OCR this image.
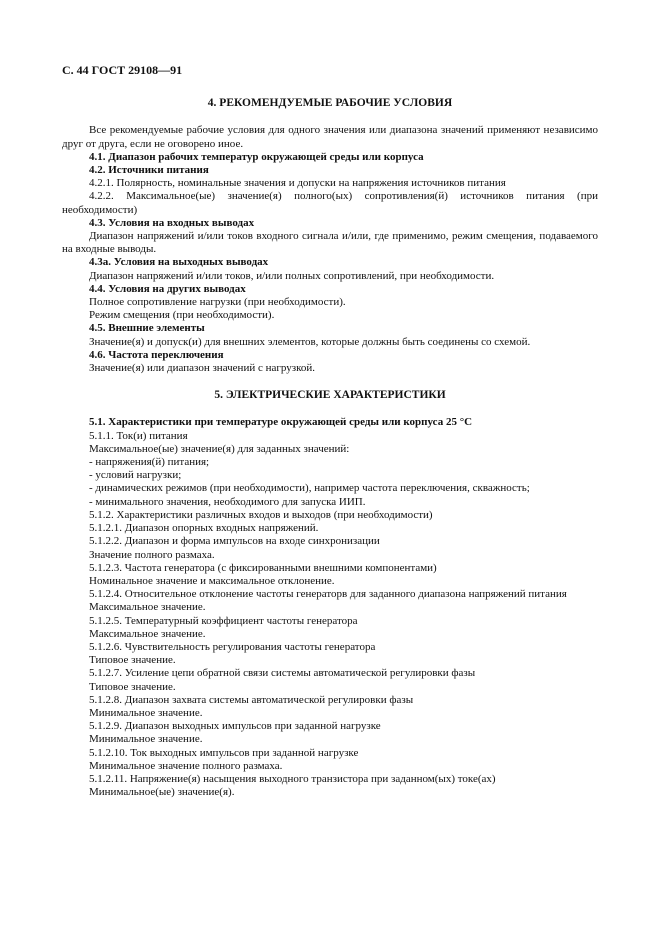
С. 44 ГОСТ 29108—91

4. РЕКОМЕНДУЕМЫЕ РАБОЧИЕ УСЛОВИЯ

Все рекомендуемые рабочие условия для одного значения или диапазона значений применяют независимо друг от друга, если не оговорено иное.

4.1. Диапазон рабочих температур окружающей среды или корпуса

4.2. Источники питания

4.2.1. Полярность, номинальные значения и допуски на напряжения источников питания

4.2.2. Максимальное(ые) значение(я) полного(ых) сопротивления(й) источников питания (при необходимости)

4.3. Условия на входных выводах

Диапазон напряжений и/или токов входного сигнала и/или, где применимо, режим смещения, подаваемого на входные выводы.

4.3а. Условия на выходных выводах

Диапазон напряжений и/или токов, и/или полных сопротивлений, при необходимости.

4.4. Условия на других выводах

Полное сопротивление нагрузки (при необходимости).

Режим смещения (при необходимости).

4.5. Внешние элементы

Значение(я) и допуск(и) для внешних элементов, которые должны быть соединены со схемой.

4.6. Частота переключения

Значение(я) или диапазон значений с нагрузкой.

5. ЭЛЕКТРИЧЕСКИЕ ХАРАКТЕРИСТИКИ

5.1. Характеристики при температуре окружающей среды или корпуса 25 °С

5.1.1. Ток(и) питания

Максимальное(ые) значение(я) для заданных значений:

- напряжения(й) питания;

- условий нагрузки;

- динамических режимов (при необходимости), например частота переключения, скважность;

- минимального значения, необходимого для запуска ИИП.

5.1.2. Характеристики различных входов и выходов (при необходимости)

5.1.2.1. Диапазон опорных входных напряжений.

5.1.2.2. Диапазон и форма импульсов на входе синхронизации

Значение полного размаха.

5.1.2.3. Частота генератора (с фиксированными внешними компонентами)

Номинальное значение и максимальное отклонение.

5.1.2.4. Относительное отклонение частоты генераторв для заданного диапазона напряжений питания

Максимальное значение.

5.1.2.5. Температурный коэффициент частоты генератора

Максимальное значение.

5.1.2.6. Чувствительность регулирования частоты генератора

Типовое значение.

5.1.2.7. Усиление цепи обратной связи системы автоматической регулировки фазы

Типовое значение.

5.1.2.8. Диапазон захвата системы автоматической регулировки фазы

Минимальное значение.

5.1.2.9. Диапазон выходных импульсов при заданной нагрузке

Минимальное значение.

5.1.2.10. Ток выходных импульсов при заданной нагрузке

Минимальное значение полного размаха.

5.1.2.11. Напряжение(я) насыщения выходного транзистора при заданном(ых) токе(ах)

Минимальное(ые) значение(я).
